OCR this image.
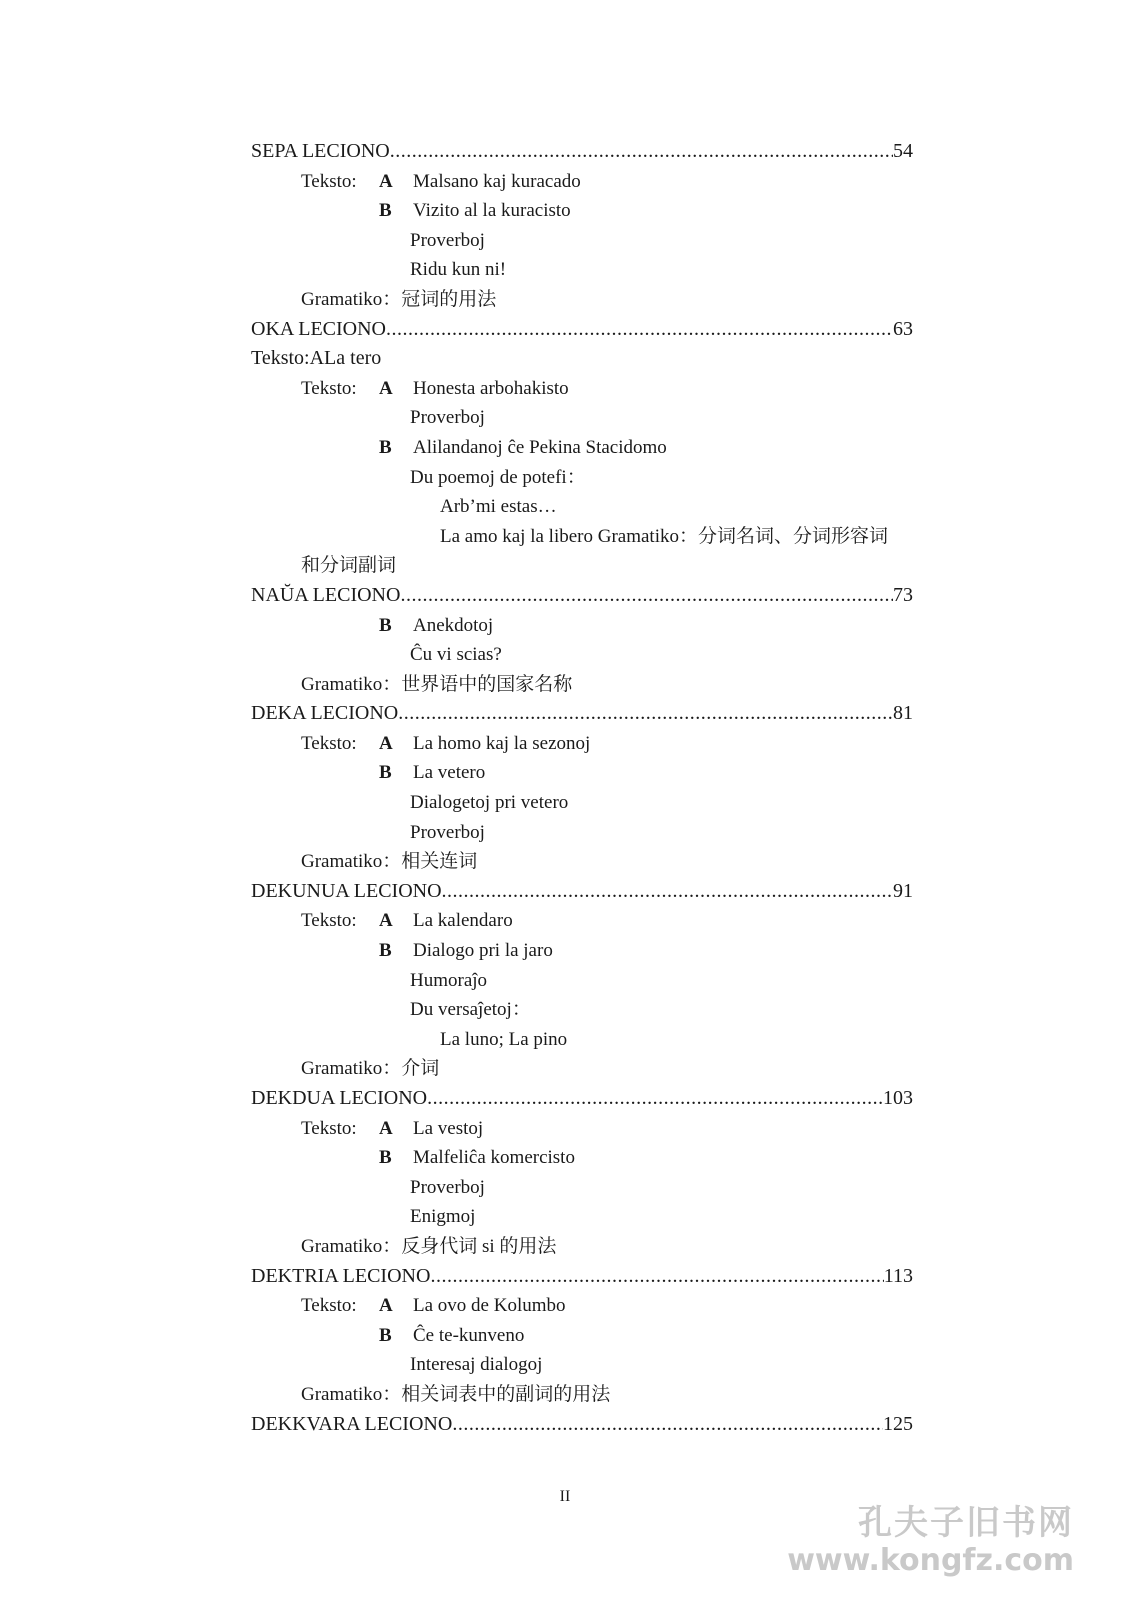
SEPA LECIONO .....	54
Teksto: A Malsano kaj kuracado
B Vizito al la kuracisto
Proverboj
Ridu kun ni!
Gramatiko：冠词的用法
OKA LECIONO .....	63
Teksto:ALa tero
Teksto: A Honesta arbohakisto
Proverboj
B Alilandanoj ĉe Pekina Stacidomo
Du poemoj de potefi：
Arb’mi estas…
La amo kaj la libero Gramatiko：分词名词、分词形容词
和分词副词
NAŬA LECIONO .....	73
B Anekdotoj
Ĉu vi scias?
Gramatiko：世界语中的国家名称
DEKA LECIONO .....	81
Teksto: A La homo kaj la sezonoj
B La vetero
Dialogetoj pri vetero
Proverboj
Gramatiko：相关连词
DEKUNUA LECIONO .....	91
Teksto: A La kalendaro
B Dialogo pri la jaro
Humoraĵo
Du versaĵetoj：
La luno; La pino
Gramatiko：介词
DEKDUA LECIONO .....	103
Teksto: A La vestoj
B Malfeliĉa komercisto
Proverboj
Enigmoj
Gramatiko：反身代词 si 的用法
DEKTRIA LECIONO .....	113
Teksto: A La ovo de Kolumbo
B Ĉe te-kunveno
Interesaj dialogoj
Gramatiko：相关词表中的副词的用法
DEKKVARA LECIONO .....	125
II
孔夫子旧书网
www.kongfz.com
